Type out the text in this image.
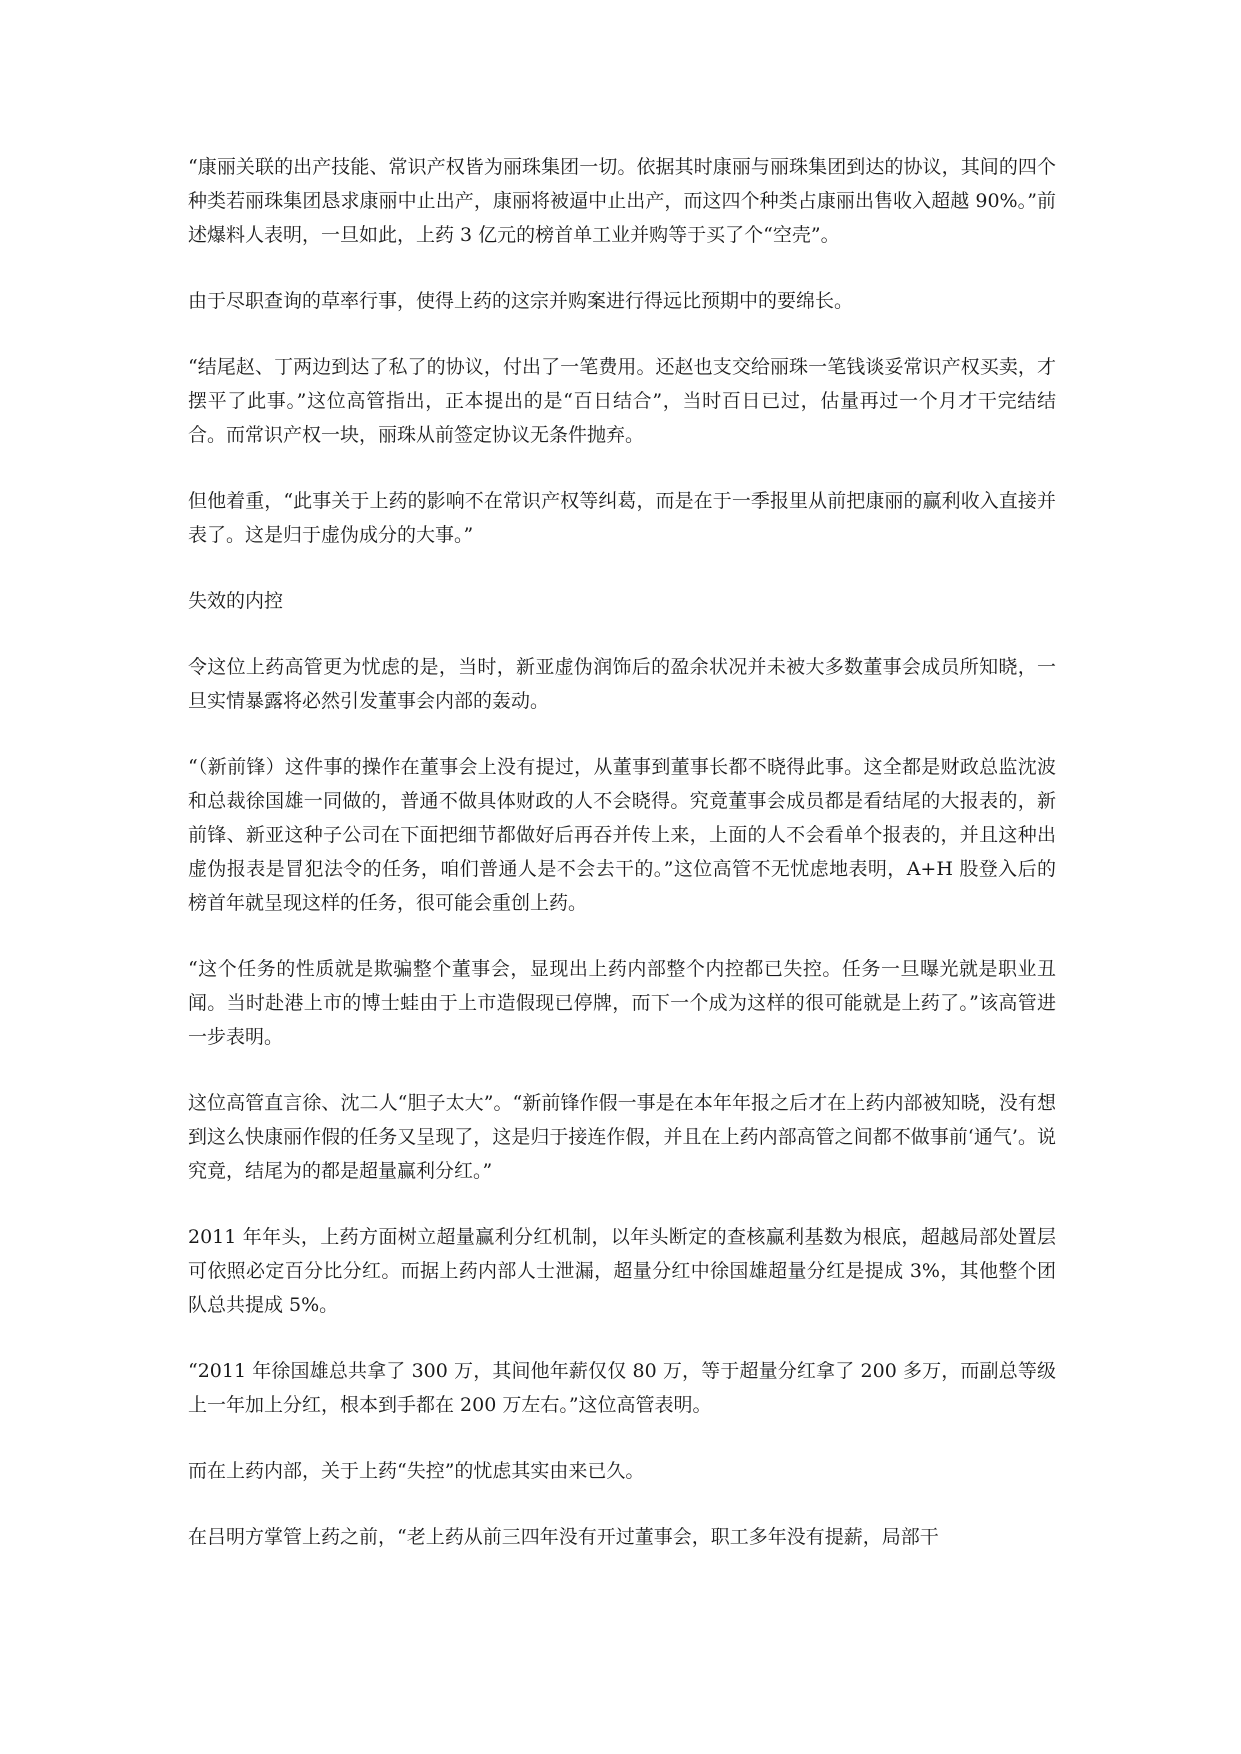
“康丽关联的出产技能、常识产权皆为丽珠集团一切。依据其时康丽与丽珠集团到达的协议，其间的四个种类若丽珠集团恳求康丽中止出产，康丽将被逼中止出产，而这四个种类占康丽出售收入超越 90%。”前述爆料人表明，一旦如此，上药 3 亿元的榜首单工业并购等于买了个“空壳”。

由于尽职查询的草率行事，使得上药的这宗并购案进行得远比预期中的要绵长。

“结尾赵、丁两边到达了私了的协议，付出了一笔费用。还赵也支交给丽珠一笔钱谈妥常识产权买卖，才摆平了此事。”这位高管指出，正本提出的是“百日结合”，当时百日已过，估量再过一个月才干完结结合。而常识产权一块，丽珠从前签定协议无条件抛弃。

但他着重，“此事关于上药的影响不在常识产权等纠葛，而是在于一季报里从前把康丽的赢利收入直接并表了。这是归于虚伪成分的大事。”

失效的内控

令这位上药高管更为忧虑的是，当时，新亚虚伪润饰后的盈余状况并未被大多数董事会成员所知晓，一旦实情暴露将必然引发董事会内部的轰动。

“（新前锋）这件事的操作在董事会上没有提过，从董事到董事长都不晓得此事。这全都是财政总监沈波和总裁徐国雄一同做的，普通不做具体财政的人不会晓得。究竟董事会成员都是看结尾的大报表的，新前锋、新亚这种子公司在下面把细节都做好后再吞并传上来，上面的人不会看单个报表的，并且这种出虚伪报表是冒犯法令的任务，咱们普通人是不会去干的。”这位高管不无忧虑地表明，A+H 股登入后的榜首年就呈现这样的任务，很可能会重创上药。

“这个任务的性质就是欺骗整个董事会，显现出上药内部整个内控都已失控。任务一旦曝光就是职业丑闻。当时赴港上市的博士蛙由于上市造假现已停牌，而下一个成为这样的很可能就是上药了。”该高管进一步表明。

这位高管直言徐、沈二人“胆子太大”。“新前锋作假一事是在本年年报之后才在上药内部被知晓，没有想到这么快康丽作假的任务又呈现了，这是归于接连作假，并且在上药内部高管之间都不做事前‘通气’。说究竟，结尾为的都是超量赢利分红。”

2011 年年头，上药方面树立超量赢利分红机制，以年头断定的查核赢利基数为根底，超越局部处置层可依照必定百分比分红。而据上药内部人士泄漏，超量分红中徐国雄超量分红是提成 3%，其他整个团队总共提成 5%。

“2011 年徐国雄总共拿了 300 万，其间他年薪仅仅 80 万，等于超量分红拿了 200 多万，而副总等级上一年加上分红，根本到手都在 200 万左右。”这位高管表明。

而在上药内部，关于上药“失控”的忧虑其实由来已久。

在吕明方掌管上药之前，“老上药从前三四年没有开过董事会，职工多年没有提薪，局部干
